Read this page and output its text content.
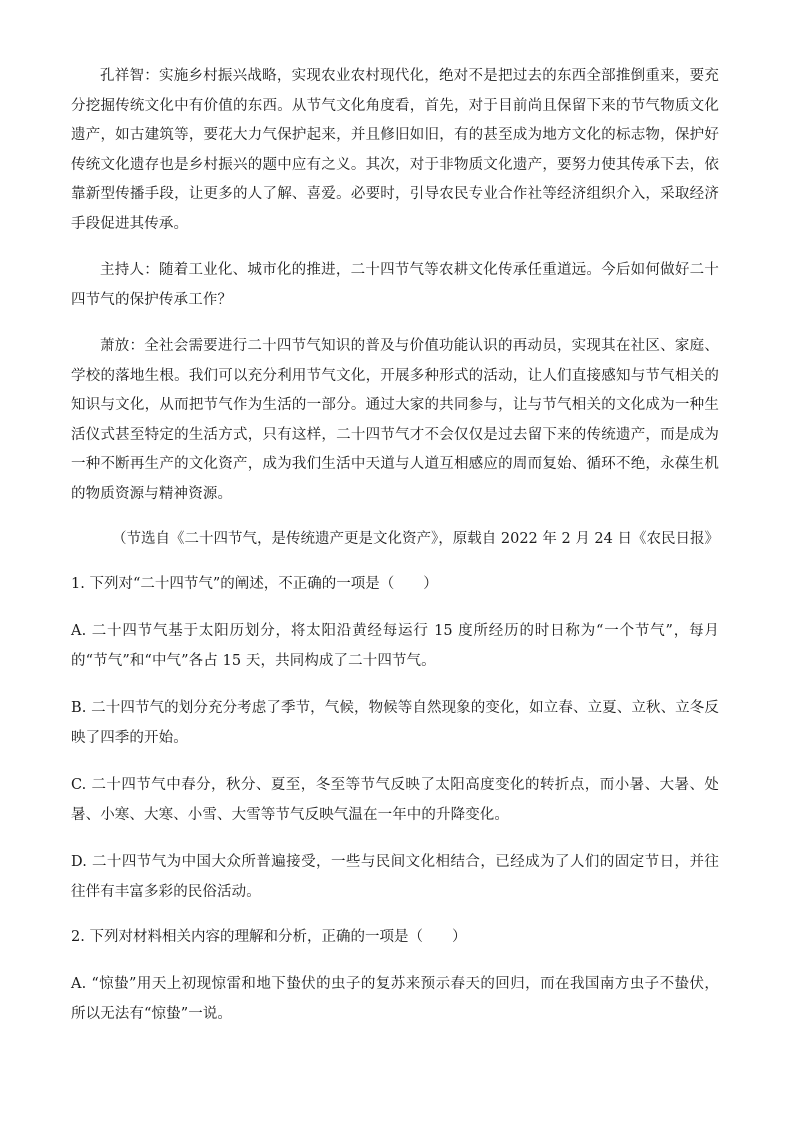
孔祥智：实施乡村振兴战略，实现农业农村现代化，绝对不是把过去的东西全部推倒重来，要充分挖掘传统文化中有价值的东西。从节气文化角度看，首先，对于目前尚且保留下来的节气物质文化遗产，如古建筑等，要花大力气保护起来，并且修旧如旧，有的甚至成为地方文化的标志物，保护好传统文化遗存也是乡村振兴的题中应有之义。其次，对于非物质文化遗产，要努力使其传承下去，依靠新型传播手段，让更多的人了解、喜爱。必要时，引导农民专业合作社等经济组织介入，采取经济手段促进其传承。

主持人：随着工业化、城市化的推进，二十四节气等农耕文化传承任重道远。今后如何做好二十四节气的保护传承工作？

萧放：全社会需要进行二十四节气知识的普及与价值功能认识的再动员，实现其在社区、家庭、学校的落地生根。我们可以充分利用节气文化，开展多种形式的活动，让人们直接感知与节气相关的知识与文化，从而把节气作为生活的一部分。通过大家的共同参与，让与节气相关的文化成为一种生活仪式甚至特定的生活方式，只有这样，二十四节气才不会仅仅是过去留下来的传统遗产，而是成为一种不断再生产的文化资产，成为我们生活中天道与人道互相感应的周而复始、循环不绝，永葆生机的物质资源与精神资源。

（节选自《二十四节气，是传统遗产更是文化资产》，原载自 2022 年 2 月 24 日《农民日报》

1. 下列对“二十四节气”的阐述，不正确的一项是（　　）

A. 二十四节气基于太阳历划分，将太阳沿黄经每运行 15 度所经历的时日称为“一个节气”，每月的“节气”和“中气”各占 15 天，共同构成了二十四节气。

B. 二十四节气的划分充分考虑了季节，气候，物候等自然现象的变化，如立春、立夏、立秋、立冬反映了四季的开始。

C. 二十四节气中春分，秋分、夏至，冬至等节气反映了太阳高度变化的转折点，而小暑、大暑、处暑、小寒、大寒、小雪、大雪等节气反映气温在一年中的升降变化。

D. 二十四节气为中国大众所普遍接受，一些与民间文化相结合，已经成为了人们的固定节日，并往往伴有丰富多彩的民俗活动。

2. 下列对材料相关内容的理解和分析，正确的一项是（　　）

A. “惊蛰”用天上初现惊雷和地下蛰伏的虫子的复苏来预示春天的回归，而在我国南方虫子不蛰伏，所以无法有“惊蛰”一说。
